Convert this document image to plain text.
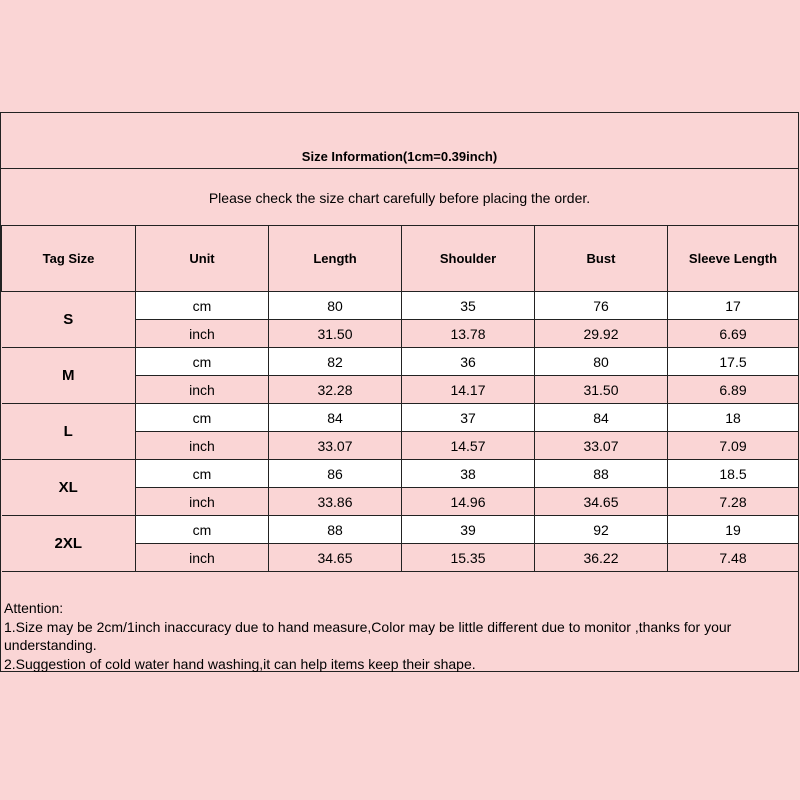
Size Information(1cm=0.39inch)
Please check the size chart carefully before placing the order.
Tag Size	Unit	Length	Shoulder	Bust	Sleeve Length
S	cm	80	35	76	17
	inch	31.50	13.78	29.92	6.69
M	cm	82	36	80	17.5
	inch	32.28	14.17	31.50	6.89
L	cm	84	37	84	18
	inch	33.07	14.57	33.07	7.09
XL	cm	86	38	88	18.5
	inch	33.86	14.96	34.65	7.28
2XL	cm	88	39	92	19
	inch	34.65	15.35	36.22	7.48
Attention:
1.Size may be 2cm/1inch inaccuracy due to hand measure,Color may be little different due to monitor ,thanks for your understanding.
2.Suggestion of cold water hand washing,it can help items keep their shape.
